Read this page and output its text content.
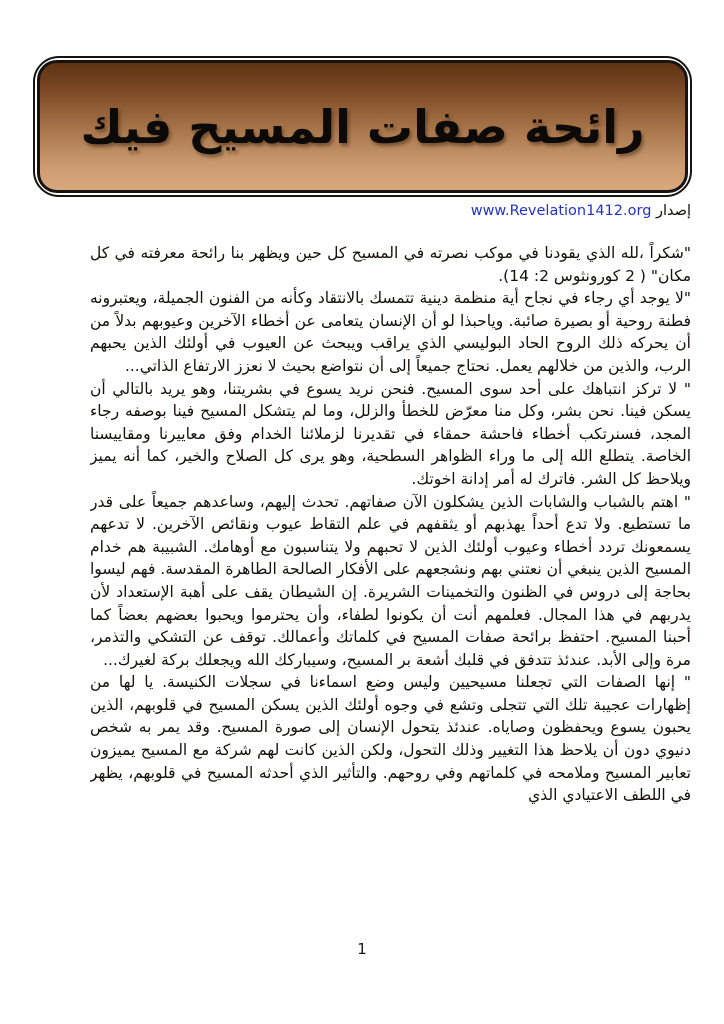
رائحة صفات المسيح فيك
إصدار www.Revelation1412.org

"شكراً ،لله الذي يقودنا في موكب نصرته في المسيح كل حين ويظهر بنا رائحة معرفته في كل مكان" ( 2 كورونثوس 2: 14).

"لا يوجد أي رجاء في نجاح أية منظمة دينية تتمسك بالانتقاد وكأنه من الفنون الجميلة، ويعتبرونه فطنة روحية أو بصيرة صائبة. وياحبذا لو أن الإنسان يتعامى عن أخطاء الآخرين وعيوبهم بدلاً من أن يحركه ذلك الروح الحاد البوليسي الذي يراقب ويبحث عن العيوب في أولئك الذين يحبهم الرب، والذين من خلالهم يعمل. نحتاج جميعاً إلى أن نتواضع بحيث لا نعزز الارتفاع الذاتي...

" لا تركز انتباهك على أحد سوى المسيح. فنحن نريد يسوع في بشريتنا، وهو يريد بالتالي أن يسكن فينا. نحن بشر، وكل منا معرّض للخطأ والزلل، وما لم يتشكل المسيح فينا بوصفه رجاء المجد، فسنرتكب أخطاء فاحشة حمقاء في تقديرنا لزملائنا الخدام وفق معاييرنا ومقاييسنا الخاصة. يتطلع الله إلى ما وراء الظواهر السطحية، وهو يرى كل الصلاح والخير، كما أنه يميز ويلاحظ كل الشر. فاترك له أمر إدانة اخوتك.

" اهتم بالشباب والشابات الذين يشكلون الآن صفاتهم. تحدث إليهم، وساعدهم جميعاً على قدر ما تستطيع. ولا تدع أحداً يهذبهم أو يثقفهم في علم التقاط عيوب ونقائص الآخرين. لا تدعهم يسمعونك تردد أخطاء وعيوب أولئك الذين لا تحبهم ولا يتناسبون مع أوهامك. الشبيبة هم خدام المسيح الذين ينبغي أن نعتني بهم ونشجعهم على الأفكار الصالحة الطاهرة المقدسة. فهم ليسوا بحاجة إلى دروس في الظنون والتخمينات الشريرة. إن الشيطان يقف على أهبة الإستعداد لأن يدربهم في هذا المجال. فعلمهم أنت أن يكونوا لطفاء، وأن يحترموا ويحبوا بعضهم بعضاً كما أحبنا المسيح. احتفظ برائحة صفات المسيح في كلماتك وأعمالك. توقف عن التشكي والتذمر، مرة وإلى الأبد. عندئذ تتدفق في قلبك أشعة بر المسيح، وسيباركك الله ويجعلك بركة لغيرك...

" إنها الصفات التي تجعلنا مسيحيين وليس وضع اسماءنا في سجلات الكنيسة. يا لها من إظهارات عجيبة تلك التي تتجلى وتشع في وجوه أولئك الذين يسكن المسيح في قلوبهم، الذين يحبون يسوع ويحفظون وصاياه. عندئذ يتحول الإنسان إلى صورة المسيح. وقد يمر به شخص دنيوي دون أن يلاحظ هذا التغيير وذلك التحول، ولكن الذين كانت لهم شركة مع المسيح يميزون تعابير المسيح وملامحه في كلماتهم وفي روحهم. والتأثير الذي أحدثه المسيح في قلوبهم، يظهر في اللطف الاعتيادي الذي

1
